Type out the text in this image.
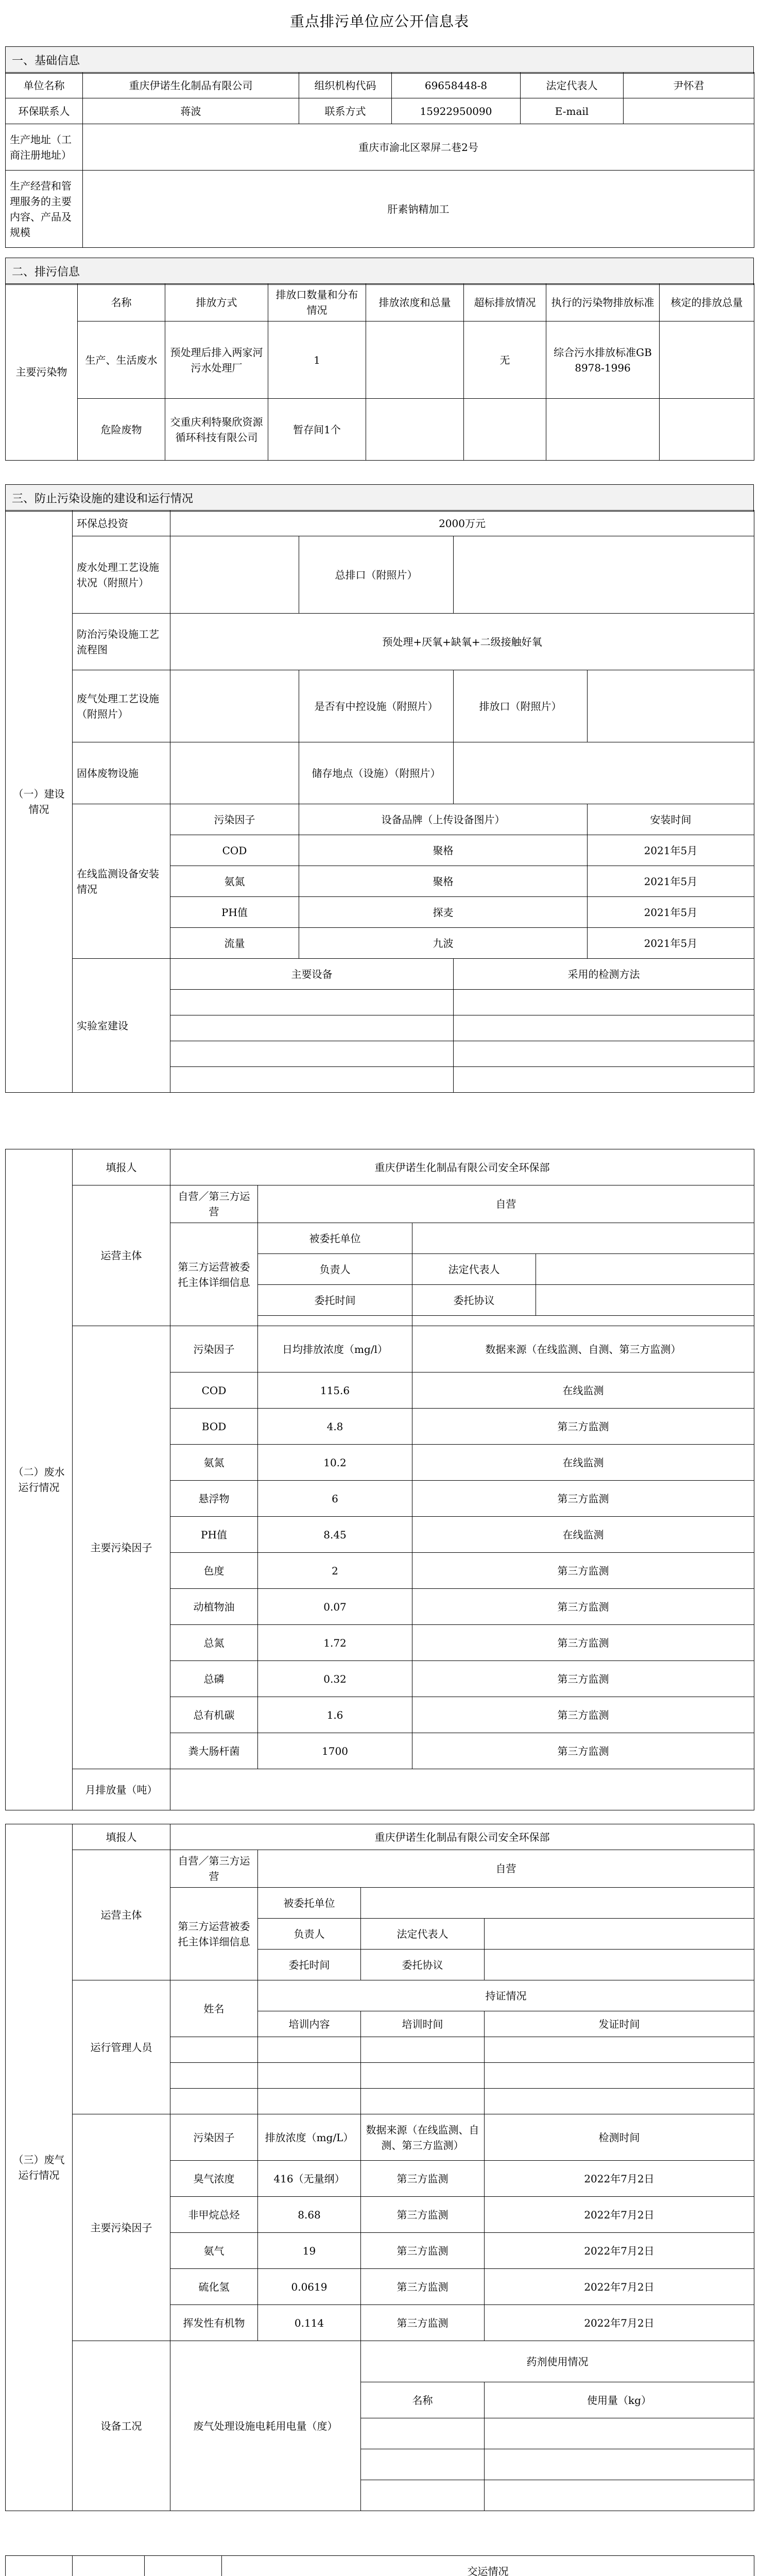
重点排污单位应公开信息表
一、基础信息
单位名称	重庆伊诺生化制品有限公司	组织机构代码	69658448-8	法定代表人	尹怀君
环保联系人	蒋波	联系方式	15922950090	E-mail	
生产地址（工商注册地址）	重庆市渝北区翠屏二巷2号				
生产经营和管理服务的主要内容、产品及规模	肝素钠精加工				
二、排污信息
主要污染物	名称	排放方式	排放口数量和分布情况	排放浓度和总量	超标排放情况	执行的污染物排放标准	核定的排放总量
	生产、生活废水	预处理后排入两家河污水处理厂	1		无	综合污水排放标准GB8978-1996	
	危险废物	交重庆利特聚欣资源循环科技有限公司	暂存间1个				
三、防止污染设施的建设和运行情况
（一）建设情况	环保总投资	2000万元			
	废水处理工艺设施状况（附照片）		总排口（附照片）		
	防治污染设施工艺流程图	预处理+厌氧+缺氧+二级接触好氧			
	废气处理工艺设施（附照片）		是否有中控设施（附照片）	排放口（附照片）	
	固体废物设施		储存地点（设施）（附照片）		
	在线监测设备安装情况	污染因子	设备品牌（上传设备图片）		安装时间
		COD	聚格		2021年5月
		氨氮	聚格		2021年5月
		PH值	探麦		2021年5月
		流量	九波		2021年5月
	实验室建设	主要设备		采用的检测方法	

（二）废水运行情况	填报人	重庆伊诺生化制品有限公司安全环保部			
	运营主体	自营／第三方运营	自营		
		第三方运营被委托主体详细信息	被委托单位		
			负责人	法定代表人	
			委托时间	委托协议	

	主要污染因子	污染因子	日均排放浓度（mg/l）	数据来源（在线监测、自测、第三方监测）	
		COD	115.6	在线监测	
		BOD	4.8	第三方监测	
		氨氮	10.2	在线监测	
		悬浮物	6	第三方监测	
		PH值	8.45	在线监测	
		色度	2	第三方监测	
		动植物油	0.07	第三方监测	
		总氮	1.72	第三方监测	
		总磷	0.32	第三方监测	
		总有机碳	1.6	第三方监测	
		粪大肠杆菌	1700	第三方监测	
	月排放量（吨）				
（三）废气运行情况	填报人	重庆伊诺生化制品有限公司安全环保部			
	运营主体	自营／第三方运营	自营		
		第三方运营被委托主体详细信息	被委托单位		
			负责人	法定代表人	
			委托时间	委托协议	
	运行管理人员	姓名	持证情况		
			培训内容	培训时间	发证时间

	主要污染因子	污染因子	排放浓度（mg/L）	数据来源（在线监测、自测、第三方监测）	检测时间
		臭气浓度	416（无量纲）	第三方监测	2022年7月2日
		非甲烷总烃	8.68	第三方监测	2022年7月2日
		氨气	19	第三方监测	2022年7月2日
		硫化氢	0.0619	第三方监测	2022年7月2日
		挥发性有机物	0.114	第三方监测	2022年7月2日
	设备工况	废气处理设施电耗用电量（度）		药剂使用情况	
				名称	使用量（kg）

			交运情况		
